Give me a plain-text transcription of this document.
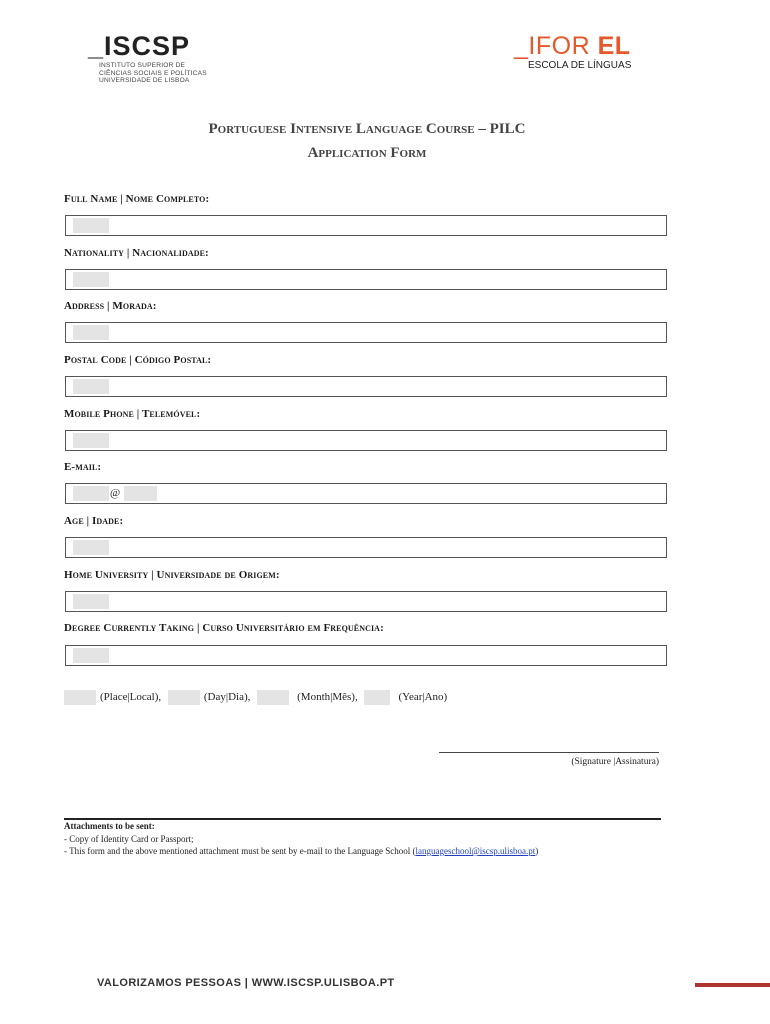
_ISCSP
INSTITUTO SUPERIOR DE
CIÊNCIAS SOCIAIS E POLÍTICAS
UNIVERSIDADE DE LISBOA
_IFOR EL
ESCOLA DE LÍNGUAS
Portuguese Intensive Language Course – PILC
Application Form
Full Name | Nome Completo:
Nationality | Nacionalidade:
Address | Morada:
Postal Code | Código Postal:
Mobile Phone | Telemóvel:
E-mail:
@
Age | Idade:
Home University | Universidade de Origem:
Degree Currently Taking | Curso Universitário em Frequência:
(Place|Local),	(Day|Dia),	(Month|Mês),	(Year|Ano)
(Signature |Assinatura)
Attachments to be sent:
- Copy of Identity Card or Passport;
- This form and the above mentioned attachment must be sent by e-mail to the Language School (languageschool@iscsp.ulisboa.pt)
VALORIZAMOS PESSOAS | WWW.ISCSP.ULISBOA.PT
